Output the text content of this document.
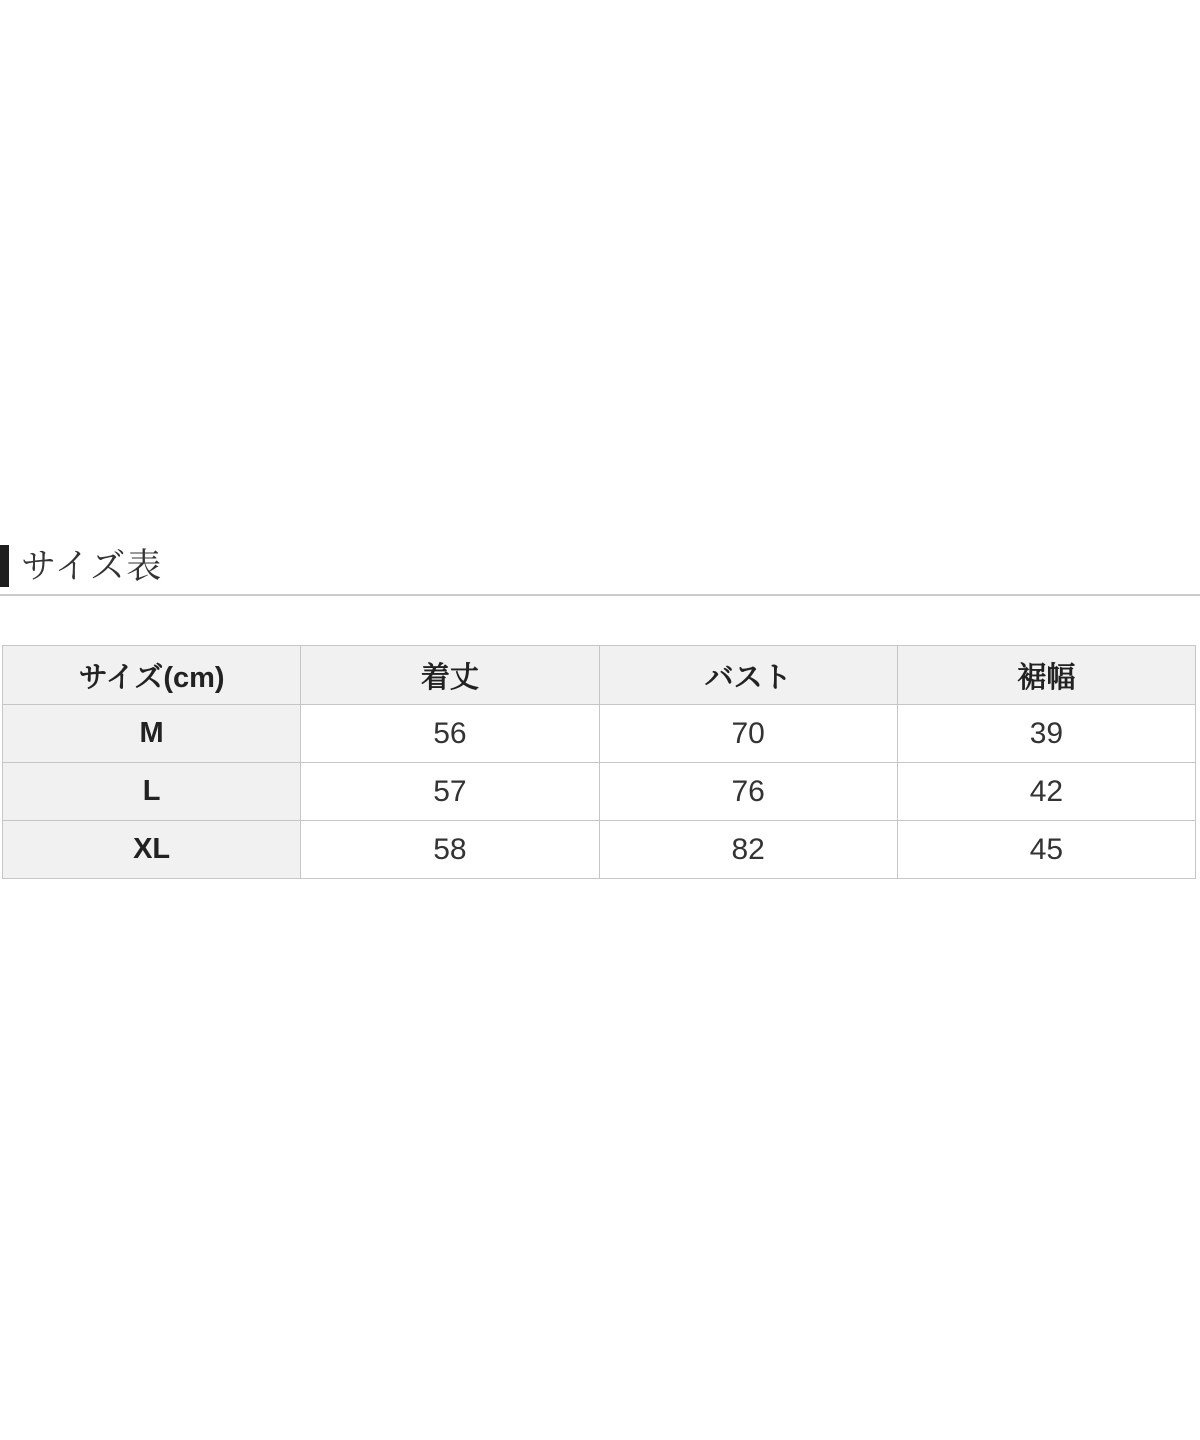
サイズ表
サイズ(cm)	着丈	バスト	裾幅
M	56	70	39
L	57	76	42
XL	58	82	45
